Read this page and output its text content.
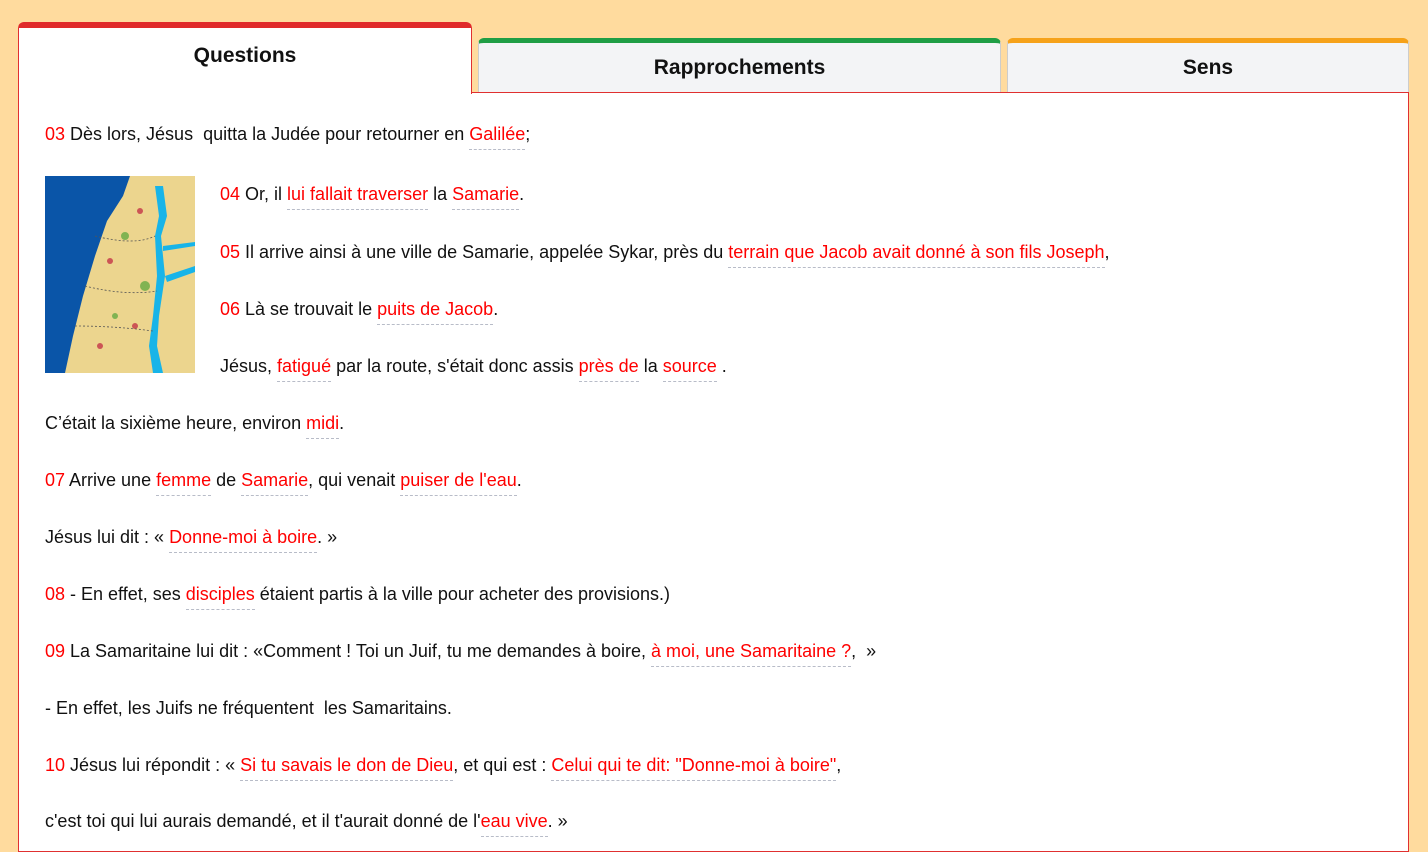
Questions
Rapprochements	Sens
03 Dès lors, Jésus  quitta la Judée pour retourner en Galilée;
04 Or, il lui fallait traverser la Samarie.
05 Il arrive ainsi à une ville de Samarie, appelée Sykar, près du terrain que Jacob avait donné à son fils Joseph,
06 Là se trouvait le puits de Jacob.
Jésus, fatigué par la route, s'était donc assis près de la source .
C’était la sixième heure, environ midi.
07 Arrive une femme de Samarie, qui venait puiser de l'eau.
Jésus lui dit : « Donne-moi à boire. »
08 - En effet, ses disciples étaient partis à la ville pour acheter des provisions.)
09 La Samaritaine lui dit : «Comment ! Toi un Juif, tu me demandes à boire, à moi, une Samaritaine ?,  »
- En effet, les Juifs ne fréquentent  les Samaritains.
10 Jésus lui répondit : « Si tu savais le don de Dieu, et qui est : Celui qui te dit: "Donne-moi à boire",
c'est toi qui lui aurais demandé, et il t'aurait donné de l'eau vive. »
